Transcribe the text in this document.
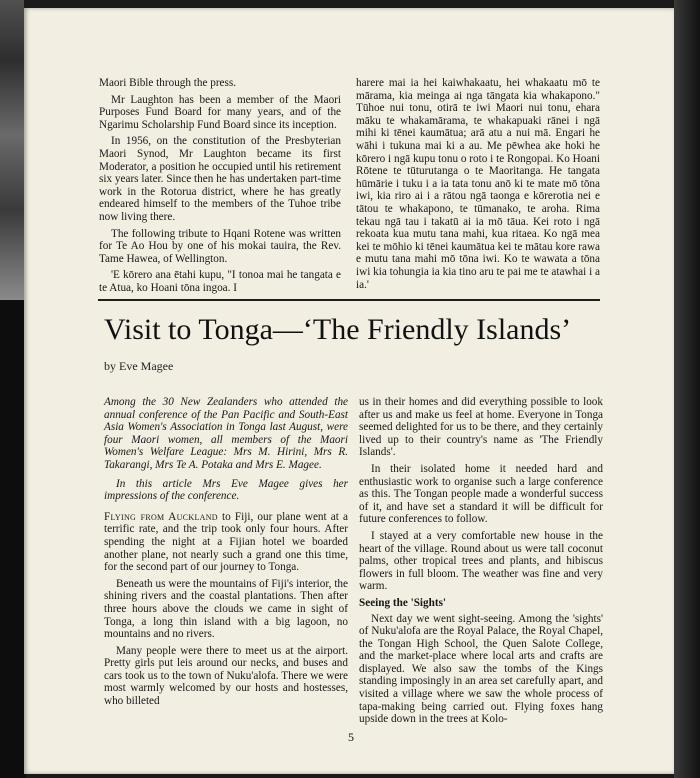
Maori Bible through the press.

Mr Laughton has been a member of the Maori Purposes Fund Board for many years, and of the Ngarimu Scholarship Fund Board since its inception.

In 1956, on the constitution of the Presbyterian Maori Synod, Mr Laughton became its first Moderator, a position he occupied until his retirement six years later. Since then he has undertaken part-time work in the Rotorua district, where he has greatly endeared himself to the members of the Tuhoe tribe now living there.

The following tribute to Hqani Rotene was written for Te Ao Hou by one of his mokai tauira, the Rev. Tame Hawea, of Wellington.

'E kōrero ana ētahi kupu, "I tonoa mai he tangata e te Atua, ko Hoani tōna ingoa. I

harere mai ia hei kaiwhakaatu, hei whakaatu mō te mārama, kia meinga ai nga tāngata kia whakapono." Tūhoe nui tonu, otirā te iwi Maori nui tonu, ehara māku te whakamārama, te whakapuaki rānei i ngā mihi ki tēnei kaumātua; arā atu a nui mā. Engari he wāhi i tukuna mai ki a au. Me pēwhea ake hoki he kōrero i ngā kupu tonu o roto i te Rongopai. Ko Hoani Rōtene te tūturutanga o te Maoritanga. He tangata hūmārie i tuku i a ia tata tonu anō ki te mate mō tōna iwi, kia riro ai i a rātou ngā taonga e kōrerotia nei e tātou te whakapono, te tūmanako, te aroha. Rima tekau ngā tau i takatū ai ia mō tāua. Kei roto i ngā rekoata kua mutu tana mahi, kua ritaea. Ko ngā mea kei te mōhio ki tēnei kaumātua kei te mātau kore rawa e mutu tana mahi mō tōna iwi. Ko te wawata a tōna iwi kia tohungia ia kia tino aru te pai me te atawhai i a ia.'

Visit to Tonga—‘The Friendly Islands’
by Eve Magee

Among the 30 New Zealanders who attended the annual conference of the Pan Pacific and South-East Asia Women's Association in Tonga last August, were four Maori women, all members of the Maori Women's Welfare League: Mrs M. Hirini, Mrs R. Takarangi, Mrs Te A. Potaka and Mrs E. Magee.

In this article Mrs Eve Magee gives her impressions of the conference.

Flying from Auckland to Fiji, our plane went at a terrific rate, and the trip took only four hours. After spending the night at a Fijian hotel we boarded another plane, not nearly such a grand one this time, for the second part of our journey to Tonga.

Beneath us were the mountains of Fiji's interior, the shining rivers and the coastal plantations. Then after three hours above the clouds we came in sight of Tonga, a long thin island with a big lagoon, no mountains and no rivers.

Many people were there to meet us at the airport. Pretty girls put leis around our necks, and buses and cars took us to the town of Nuku'alofa. There we were most warmly welcomed by our hosts and hostesses, who billeted

us in their homes and did everything possible to look after us and make us feel at home. Everyone in Tonga seemed delighted for us to be there, and they certainly lived up to their country's name as 'The Friendly Islands'.

In their isolated home it needed hard and enthusiastic work to organise such a large conference as this. The Tongan people made a wonderful success of it, and have set a standard it will be difficult for future conferences to follow.

I stayed at a very comfortable new house in the heart of the village. Round about us were tall coconut palms, other tropical trees and plants, and hibiscus flowers in full bloom. The weather was fine and very warm.

Seeing the 'Sights'

Next day we went sight-seeing. Among the 'sights' of Nuku'alofa are the Royal Palace, the Royal Chapel, the Tongan High School, the Quen Salote College, and the market-place where local arts and crafts are displayed. We also saw the tombs of the Kings standing imposingly in an area set carefully apart, and visited a village where we saw the whole process of tapa-making being carried out. Flying foxes hang upside down in the trees at Kolo-

5
